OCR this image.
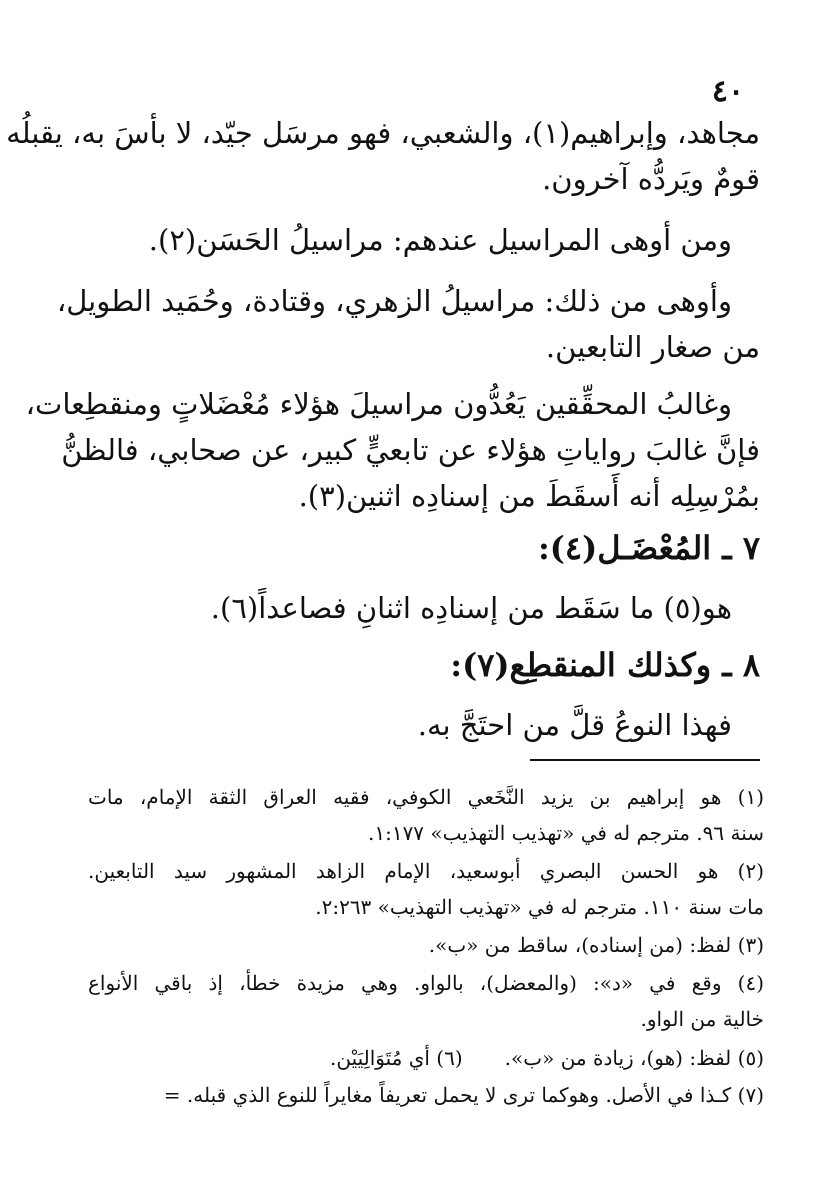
٤٠
مجاهد، وإبراهيم(١)، والشعبي، فهو مرسَل جيّد، لا بأسَ به، يقبلُه
قومٌ ويَردُّه آخرون.
ومن أوهى المراسيل عندهم: مراسيلُ الحَسَن(٢).
وأوهى من ذلك: مراسيلُ الزهري، وقتادة، وحُمَيد الطويل،
من صغار التابعين.
وغالبُ المحقِّقين يَعُدُّون مراسيلَ هؤلاء مُعْضَلاتٍ ومنقطِعات،
فإنَّ غالبَ رواياتِ هؤلاء عن تابعيٍّ كبير، عن صحابي، فالظنُّ
بمُرْسِلِه أنه أَسقَطَ من إسنادِه اثنين(٣).
٧ ـ المُعْضَـل(٤):
هو(٥) ما سَقَط من إسنادِه اثنانِ فصاعداً(٦).
٨ ـ وكذلك المنقطِع(٧):
فهذا النوعُ قلَّ من احتَجَّ به.
(١) هو إبراهيم بن يزيد النَّخَعي الكوفي، فقيه العراق الثقة الإمام، مات
سنة ٩٦. مترجم له في «تهذيب التهذيب» ١:١٧٧.
(٢) هو الحسن البصري أبوسعيد، الإمام الزاهد المشهور سيد التابعين.
مات سنة ١١٠. مترجم له في «تهذيب التهذيب» ٢:٢٦٣.
(٣) لفظ: (من إسناده)، ساقط من «ب».
(٤) وقع في «د»: (والمعضل)، بالواو. وهي مزيدة خطأ، إذ باقي الأنواع
خالية من الواو.
(٥) لفظ: (هو)، زيادة من «ب».
(٦) أي مُتَوَالِيَيْن.
(٧) كـذا في الأصل. وهوكما ترى لا يحمل تعريفاً مغايراً للنوع الذي قبله. =
